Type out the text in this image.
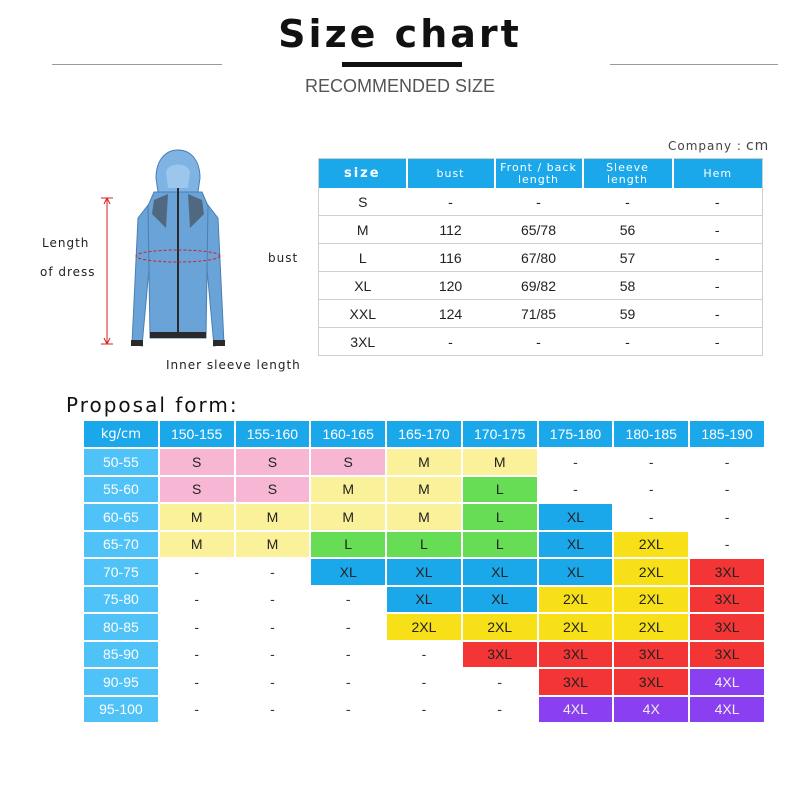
Size chart
RECOMMENDED SIZE
Company : cm
Length
of dress
bust
Inner sleeve length
size	bust	Front / back length	Sleeve length	Hem
S	-	-	-	-
M	112	65/78	56	-
L	116	67/80	57	-
XL	120	69/82	58	-
XXL	124	71/85	59	-
3XL	-	-	-	-
Proposal form:
kg/cm	150-155	155-160	160-165	165-170	170-175	175-180	180-185	185-190
50-55	S	S	S	M	M	-	-	-
55-60	S	S	M	M	L	-	-	-
60-65	M	M	M	M	L	XL	-	-
65-70	M	M	L	L	L	XL	2XL	-
70-75	-	-	XL	XL	XL	XL	2XL	3XL
75-80	-	-	-	XL	XL	2XL	2XL	3XL
80-85	-	-	-	2XL	2XL	2XL	2XL	3XL
85-90	-	-	-	-	3XL	3XL	3XL	3XL
90-95	-	-	-	-	-	3XL	3XL	4XL
95-100	-	-	-	-	-	4XL	4X	4XL
